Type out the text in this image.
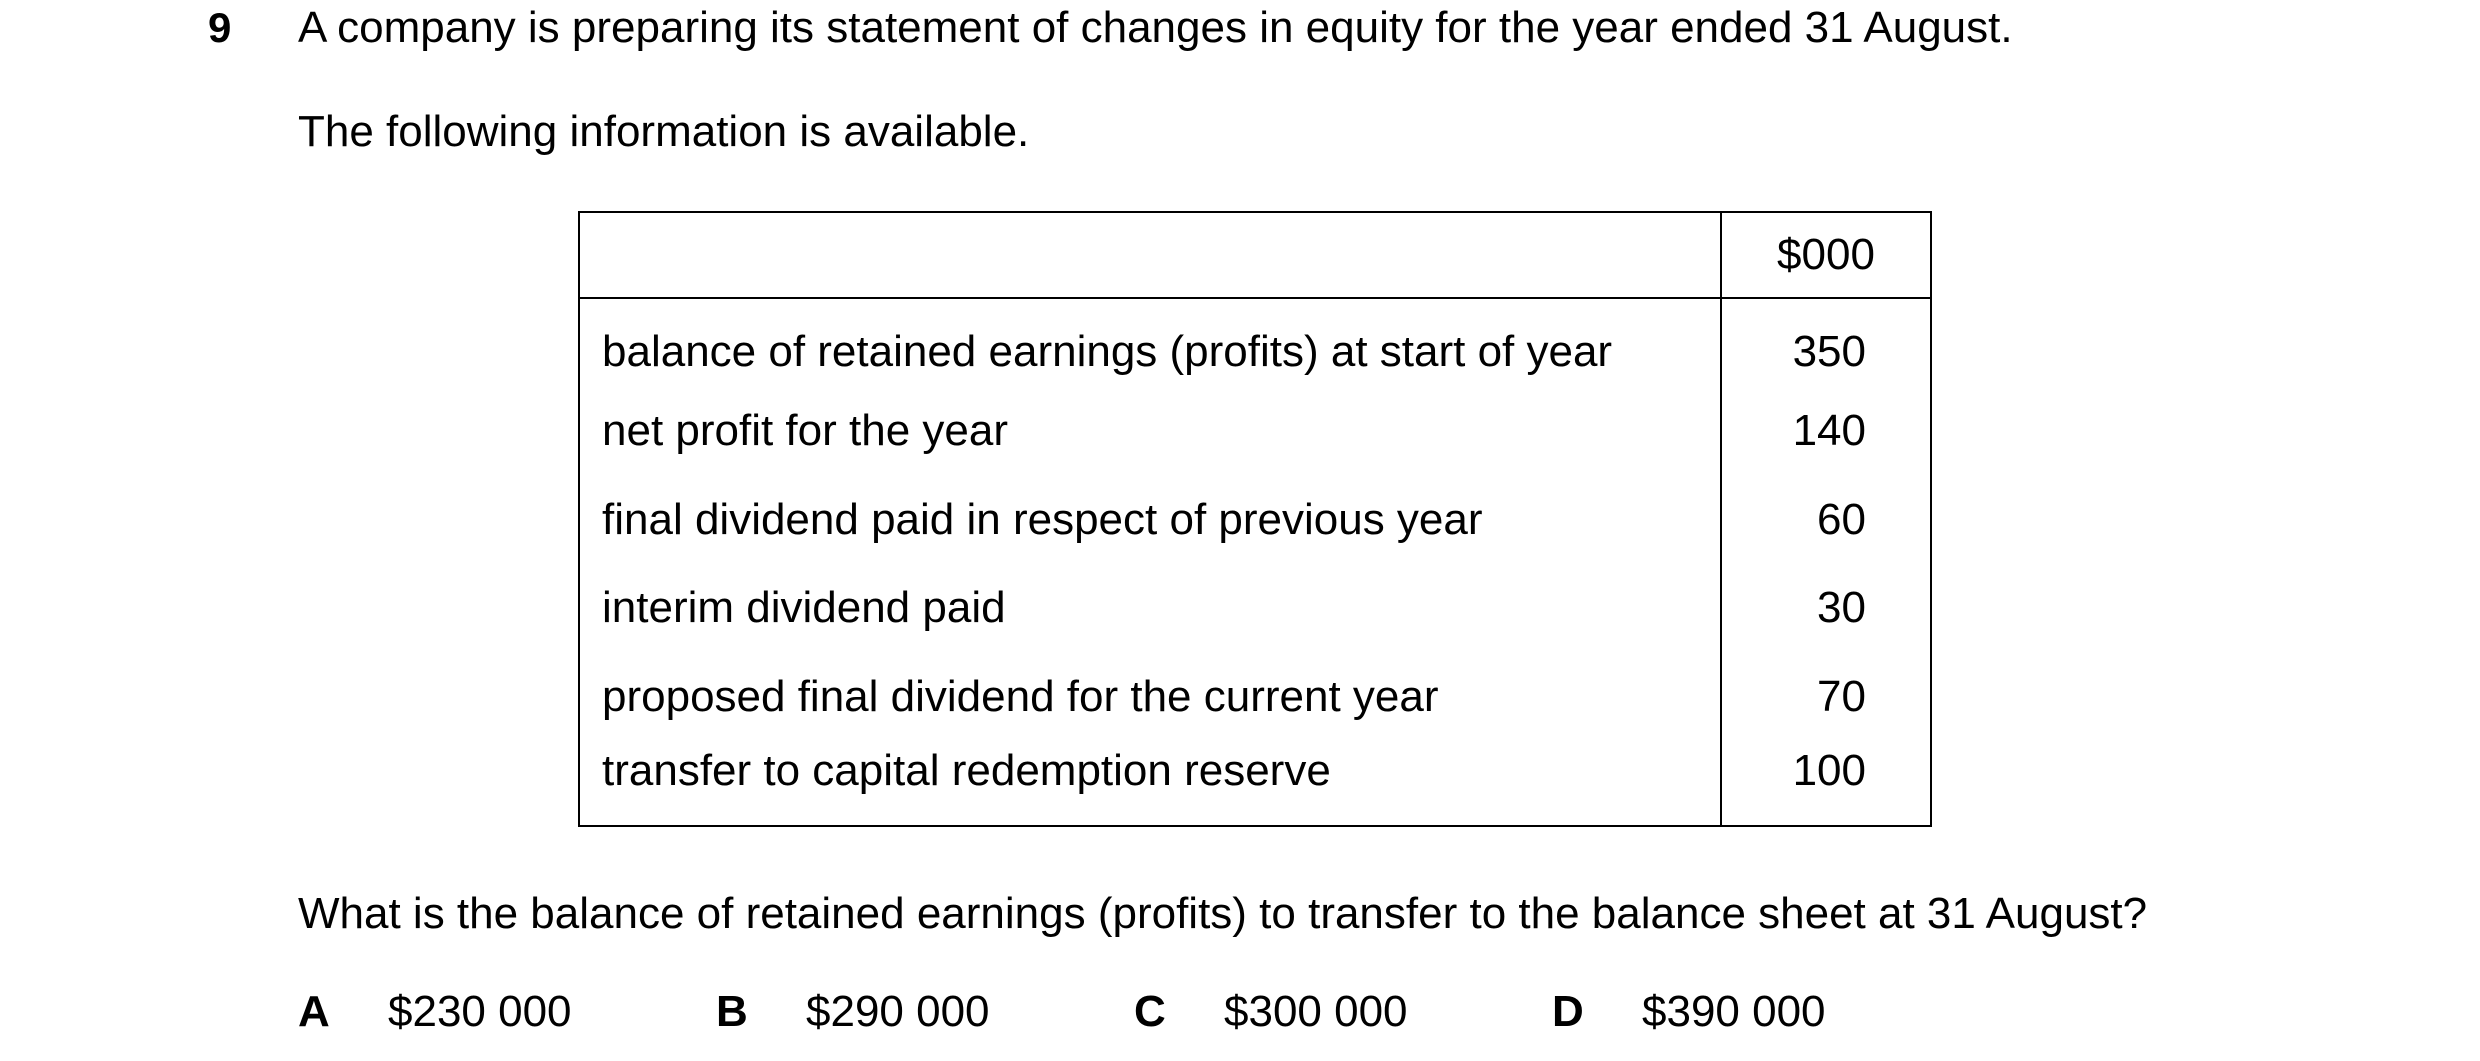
9 A company is preparing its statement of changes in equity for the year ended 31 August.
The following information is available.
	$000
balance of retained earnings (profits) at start of year	350
net profit for the year	140
final dividend paid in respect of previous year	60
interim dividend paid	30
proposed final dividend for the current year	70
transfer to capital redemption reserve	100
What is the balance of retained earnings (profits) to transfer to the balance sheet at 31 August?
A $230 000	B $290 000	C $300 000	D $390 000
